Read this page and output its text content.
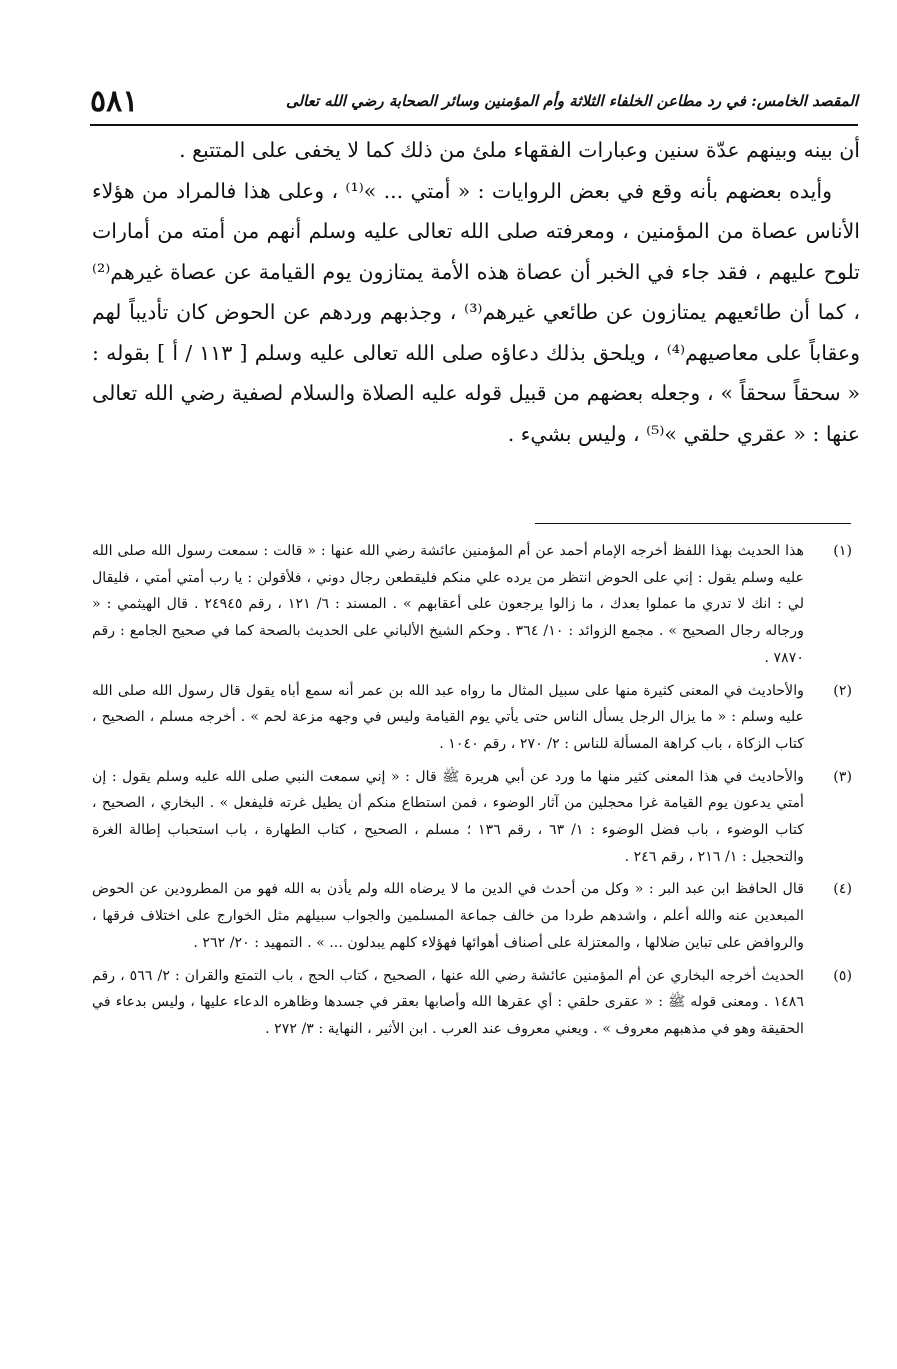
٥٨١	المقصد الخامس: في رد مطاعن الخلفاء الثلاثة وأم المؤمنين وسائر الصحابة رضي الله تعالى

أن بينه وبينهم عدّة سنين وعبارات الفقهاء ملئ من ذلك كما لا يخفى على المتتبع .

وأيده بعضهم بأنه وقع في بعض الروايات : « أمتي ... »⁽¹⁾ ، وعلى هذا فالمراد من هؤلاء الأناس عصاة من المؤمنين ، ومعرفته صلى الله تعالى عليه وسلم أنهم من أمته من أمارات تلوح عليهم ، فقد جاء في الخبر أن عصاة هذه الأمة يمتازون يوم القيامة عن عصاة غيرهم⁽²⁾ ، كما أن طائعيهم يمتازون عن طائعي غيرهم⁽³⁾ ، وجذبهم وردهم عن الحوض كان تأديباً لهم وعقاباً على معاصيهم⁽⁴⁾ ، ويلحق بذلك دعاؤه صلى الله تعالى عليه وسلم [ ١١٣ / أ ] بقوله : « سحقاً سحقاً » ، وجعله بعضهم من قبيل قوله عليه الصلاة والسلام لصفية رضي الله تعالى عنها : « عقري حلقي »⁽⁵⁾ ، وليس بشيء .

(١)
هذا الحديث بهذا اللفظ أخرجه الإمام أحمد عن أم المؤمنين عائشة رضي الله عنها : « قالت : سمعت رسول الله صلى الله عليه وسلم يقول : إني على الحوض انتظر من يرده علي منكم فليقطعن رجال دوني ، فلأقولن : يا رب أمتي أمتي ، فليقال لي : انك لا تدري ما عملوا بعدك ، ما زالوا يرجعون على أعقابهم » . المسند : ٦/ ١٢١ ، رقم ٢٤٩٤٥ . قال الهيثمي : « ورجاله رجال الصحيح » . مجمع الزوائد : ١٠/ ٣٦٤ . وحكم الشيخ الألباني على الحديث بالصحة كما في صحيح الجامع : رقم ٧٨٧٠ .
(٢)
والأحاديث في المعنى كثيرة منها على سبيل المثال ما رواه عبد الله بن عمر أنه سمع أباه يقول قال رسول الله صلى الله عليه وسلم : « ما يزال الرجل يسأل الناس حتى يأتي يوم القيامة وليس في وجهه مزعة لحم » . أخرجه مسلم ، الصحيح ، كتاب الزكاة ، باب كراهة المسألة للناس : ٢/ ٢٧٠ ، رقم ١٠٤٠ .
(٣)
والأحاديث في هذا المعنى كثير منها ما ورد عن أبي هريرة ﷺ قال : « إني سمعت النبي صلى الله عليه وسلم يقول : إن أمتي يدعون يوم القيامة غرا محجلين من آثار الوضوء ، فمن استطاع منكم أن يطيل غرته فليفعل » . البخاري ، الصحيح ، كتاب الوضوء ، باب فضل الوضوء : ١/ ٦٣ ، رقم ١٣٦ ؛ مسلم ، الصحيح ، كتاب الطهارة ، باب استحباب إطالة الغرة والتحجيل : ١/ ٢١٦ ، رقم ٢٤٦ .
(٤)
قال الحافظ ابن عبد البر : « وكل من أحدث في الدين ما لا يرضاه الله ولم يأذن به الله فهو من المطرودين عن الحوض المبعدين عنه والله أعلم ، واشدهم طردا من خالف جماعة المسلمين والجواب سبيلهم مثل الخوارج على اختلاف فرقها ، والروافض على تباين ضلالها ، والمعتزلة على أصناف أهوائها فهؤلاء كلهم يبدلون ... » . التمهيد : ٢٠/ ٢٦٢ .
(٥)
الحديث أخرجه البخاري عن أم المؤمنين عائشة رضي الله عنها ، الصحيح ، كتاب الحج ، باب التمتع والقران : ٢/ ٥٦٦ ، رقم ١٤٨٦ . ومعنى قوله ﷺ : « عقرى حلقي : أي عقرها الله وأصابها بعقر في جسدها وظاهره الدعاء عليها ، وليس بدعاء في الحقيقة وهو في مذهبهم معروف » . ويعني معروف عند العرب . ابن الأثير ، النهاية : ٣/ ٢٧٢ .
